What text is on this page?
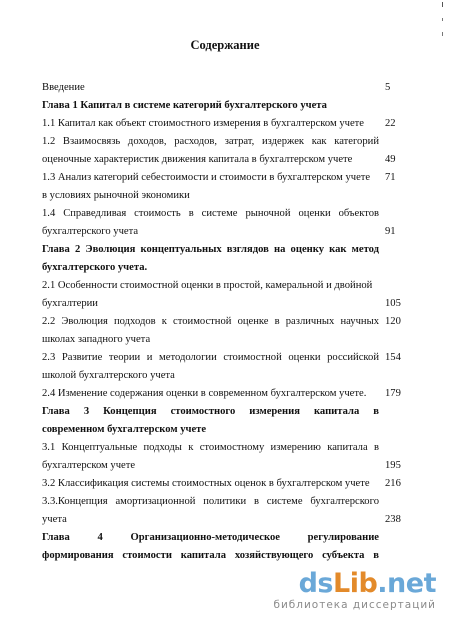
Содержание
Введение	5
Глава 1 Капитал в системе категорий бухгалтерского учета
1.1 Капитал как объект стоимостного измерения в бухгалтерском учете	22
1.2 Взаимосвязь доходов, расходов, затрат, издержек как категорий
оценочные характеристик движения капитала в бухгалтерском учете	49
1.3 Анализ категорий себестоимости и стоимости в бухгалтерском учете	71
в условиях рыночной экономики
1.4 Справедливая стоимость в системе рыночной оценки объектов
бухгалтерского учета	91
Глава 2 Эволюция концептуальных взглядов на оценку как метод
бухгалтерского учета.
2.1 Особенности стоимостной оценки в простой, камеральной и двойной
бухгалтерии	105
2.2 Эволюция подходов к стоимостной оценке в различных научных 120
школах западного учета
2.3 Развитие теории и методологии стоимостной оценки российской 154
школой бухгалтерского учета
2.4 Изменение содержания оценки в современном бухгалтерском учете.	179
Глава 3 Концепция стоимостного измерения капитала в
современном бухгалтерском учете
3.1 Концептуальные подходы к стоимостному измерению капитала в
бухгалтерском учете	195
3.2 Классификация системы стоимостных оценок в бухгалтерском учете	216
3.3.Концепция амортизационной политики в системе бухгалтерского
учета	238
Глава 4 Организационно-методическое регулирование
формирования стоимости капитала хозяйствующего субъекта в
dsLib.net
библиотека диссертаций
